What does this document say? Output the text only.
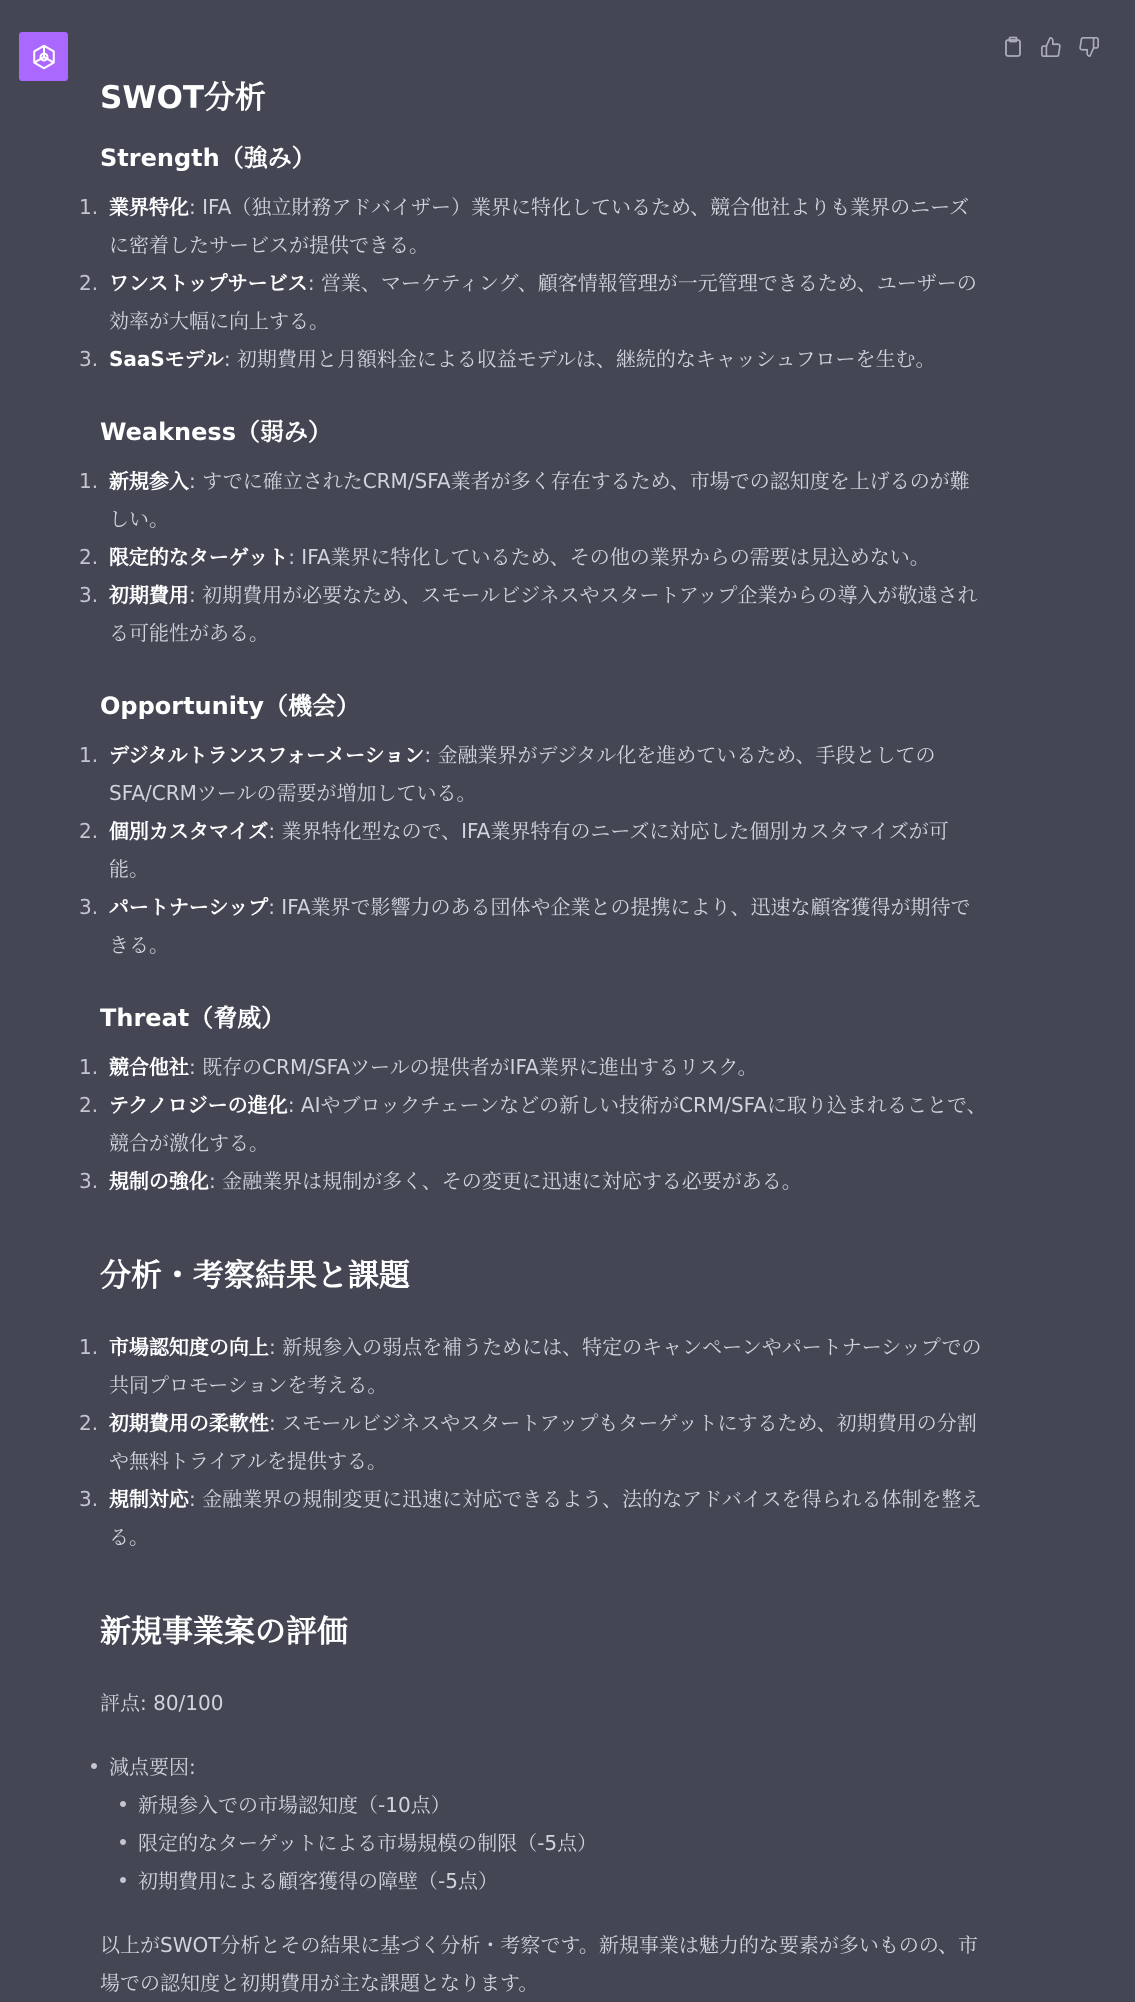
SWOT分析
Strength（強み）
業界特化: IFA（独立財務アドバイザー）業界に特化しているため、競合他社よりも業界のニーズに密着したサービスが提供できる。
ワンストップサービス: 営業、マーケティング、顧客情報管理が一元管理できるため、ユーザーの効率が大幅に向上する。
SaaSモデル: 初期費用と月額料金による収益モデルは、継続的なキャッシュフローを生む。
Weakness（弱み）
新規参入: すでに確立されたCRM/SFA業者が多く存在するため、市場での認知度を上げるのが難しい。
限定的なターゲット: IFA業界に特化しているため、その他の業界からの需要は見込めない。
初期費用: 初期費用が必要なため、スモールビジネスやスタートアップ企業からの導入が敬遠される可能性がある。
Opportunity（機会）
デジタルトランスフォーメーション: 金融業界がデジタル化を進めているため、手段としてのSFA/CRMツールの需要が増加している。
個別カスタマイズ: 業界特化型なので、IFA業界特有のニーズに対応した個別カスタマイズが可能。
パートナーシップ: IFA業界で影響力のある団体や企業との提携により、迅速な顧客獲得が期待できる。
Threat（脅威）
競合他社: 既存のCRM/SFAツールの提供者がIFA業界に進出するリスク。
テクノロジーの進化: AIやブロックチェーンなどの新しい技術がCRM/SFAに取り込まれることで、競合が激化する。
規制の強化: 金融業界は規制が多く、その変更に迅速に対応する必要がある。
分析・考察結果と課題
市場認知度の向上: 新規参入の弱点を補うためには、特定のキャンペーンやパートナーシップでの共同プロモーションを考える。
初期費用の柔軟性: スモールビジネスやスタートアップもターゲットにするため、初期費用の分割や無料トライアルを提供する。
規制対応: 金融業界の規制変更に迅速に対応できるよう、法的なアドバイスを得られる体制を整える。
新規事業案の評価

評点: 80/100

減点要因:
新規参入での市場認知度（-10点）
限定的なターゲットによる市場規模の制限（-5点）
初期費用による顧客獲得の障壁（-5点）

以上がSWOT分析とその結果に基づく分析・考察です。新規事業は魅力的な要素が多いものの、市場での認知度と初期費用が主な課題となります。
